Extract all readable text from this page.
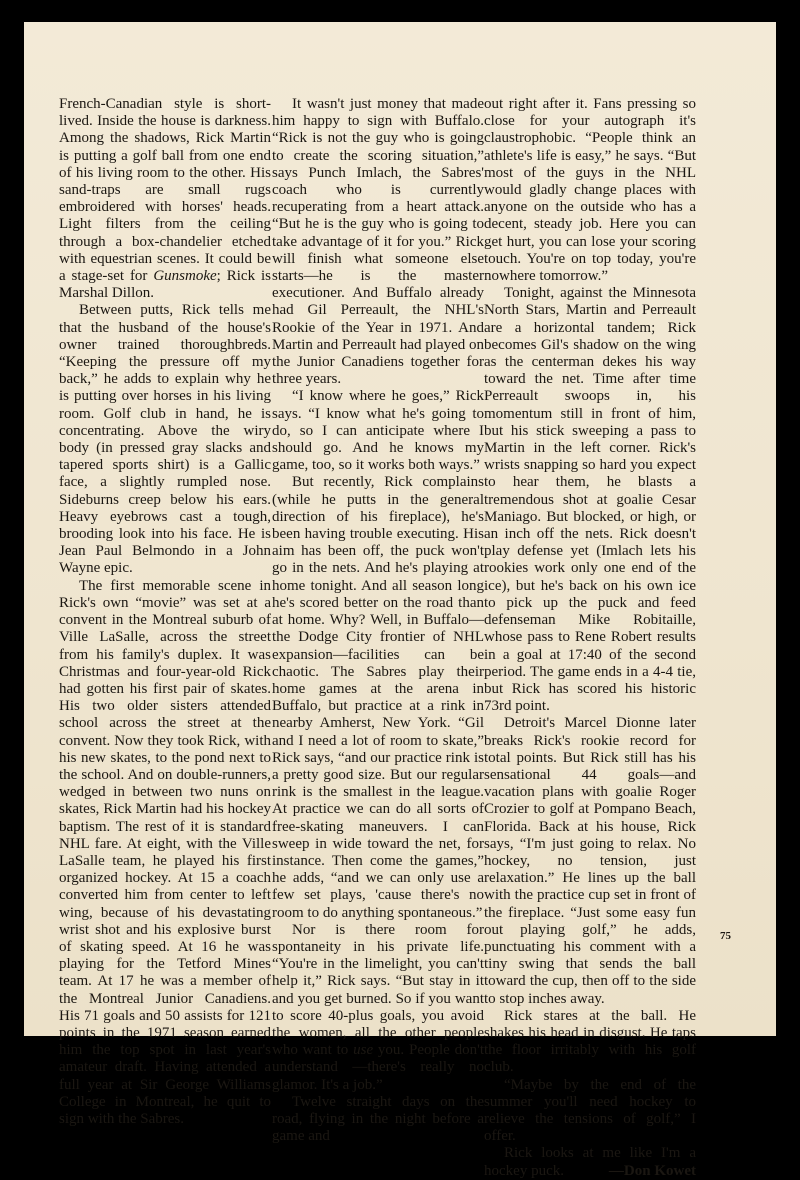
French-Canadian style is short-lived. Inside the house is darkness. Among the shadows, Rick Martin is putting a golf ball from one end of his living room to the other. His sand-traps are small rugs embroidered with horses' heads. Light filters from the ceiling through a box-chandelier etched with equestrian scenes. It could be a stage-set for Gunsmoke; Rick is Marshal Dillon.

Between putts, Rick tells me that the husband of the house's owner trained thoroughbreds. “Keeping the pressure off my back,” he adds to explain why he is putting over horses in his living room. Golf club in hand, he is concentrating. Above the wiry body (in pressed gray slacks and tapered sports shirt) is a Gallic face, a slightly rumpled nose. Sideburns creep below his ears. Heavy eyebrows cast a tough, brooding look into his face. He is Jean Paul Belmondo in a John Wayne epic.

The first memorable scene in Rick's own “movie” was set at a convent in the Montreal suburb of Ville LaSalle, across the street from his family's duplex. It was Christmas and four-year-old Rick had gotten his first pair of skates. His two older sisters attended school across the street at the convent. Now they took Rick, with his new skates, to the pond next to the school. And on double-runners, wedged in between two nuns on skates, Rick Martin had his hockey baptism. The rest of it is standard NHL fare. At eight, with the Ville LaSalle team, he played his first organized hockey. At 15 a coach converted him from center to left wing, because of his devastating wrist shot and his explosive burst of skating speed. At 16 he was playing for the Tetford Mines team. At 17 he was a member of the Montreal Junior Canadiens. His 71 goals and 50 assists for 121 points in the 1971 season earned him the top spot in last year's amateur draft. Having attended a full year at Sir George Williams College in Montreal, he quit to sign with the Sabres.

It wasn't just money that made him happy to sign with Buffalo. “Rick is not the guy who is going to create the scoring situation,” says Punch Imlach, the Sabres' coach who is currently recuperating from a heart attack. “But he is the guy who is going to take advantage of it for you.” Rick will finish what someone else starts—he is the master executioner. And Buffalo already had Gil Perreault, the NHL's Rookie of the Year in 1971. And Martin and Perreault had played on the Junior Canadiens together for three years.

“I know where he goes,” Rick says. “I know what he's going to do, so I can anticipate where I should go. And he knows my game, too, so it works both ways.”

But recently, Rick complains (while he putts in the general direction of his fireplace), he's been having trouble executing. His aim has been off, the puck won't go in the nets. And he's playing at home tonight. And all season long he's scored better on the road than at home. Why? Well, in Buffalo—the Dodge City frontier of NHL expansion—facilities can be chaotic. The Sabres play their home games at the arena in Buffalo, but practice at a rink in nearby Amherst, New York. “Gil and I need a lot of room to skate,” Rick says, “and our practice rink is a pretty good size. But our regular rink is the smallest in the league. At practice we can do all sorts of free-skating maneuvers. I can sweep in wide toward the net, for instance. Then come the games,” he adds, “and we can only use a few set plays, 'cause there's no room to do anything spontaneous.”

Nor is there room for spontaneity in his private life. “You're in the limelight, you can't help it,” Rick says. “But stay in it and you get burned. So if you want to score 40-plus goals, you avoid the women, all the other people who want to use you. People don't understand —there's really no glamor. It's a job.”

Twelve straight days on the road, flying in the night before a game and

out right after it. Fans pressing so close for your autograph it's claustrophobic. “People think an athlete's life is easy,” he says. “But most of the guys in the NHL would gladly change places with anyone on the outside who has a decent, steady job. Here you can get hurt, you can lose your scoring touch. You're on top today, you're nowhere tomorrow.”

Tonight, against the Minnesota North Stars, Martin and Perreault are a horizontal tandem; Rick becomes Gil's shadow on the wing as the centerman dekes his way toward the net. Time after time Perreault swoops in, his momentum still in front of him, but his stick sweeping a pass to Martin in the left corner. Rick's wrists snapping so hard you expect to hear them, he blasts a tremendous shot at goalie Cesar Maniago. But blocked, or high, or an inch off the nets. Rick doesn't play defense yet (Imlach lets his rookies work only one end of the ice), but he's back on his own ice to pick up the puck and feed defenseman Mike Robitaille, whose pass to Rene Robert results in a goal at 17:40 of the second period. The game ends in a 4-4 tie, but Rick has scored his historic 73rd point.

Detroit's Marcel Dionne later breaks Rick's rookie record for total points. But Rick still has his sensational 44 goals—and vacation plans with goalie Roger Crozier to golf at Pompano Beach, Florida. Back at his house, Rick says, “I'm just going to relax. No hockey, no tension, just relaxation.” He lines up the ball with the practice cup set in front of the fireplace. “Just some easy fun out playing golf,” he adds, punctuating his comment with a tiny swing that sends the ball toward the cup, then off to the side to stop inches away.

Rick stares at the ball. He shakes his head in disgust. He taps the floor irritably with his golf club.

“Maybe by the end of the summer you'll need hockey to relieve the tensions of golf,” I offer.

Rick looks at me like I'm a hockey puck.	—Don Kowet

75
